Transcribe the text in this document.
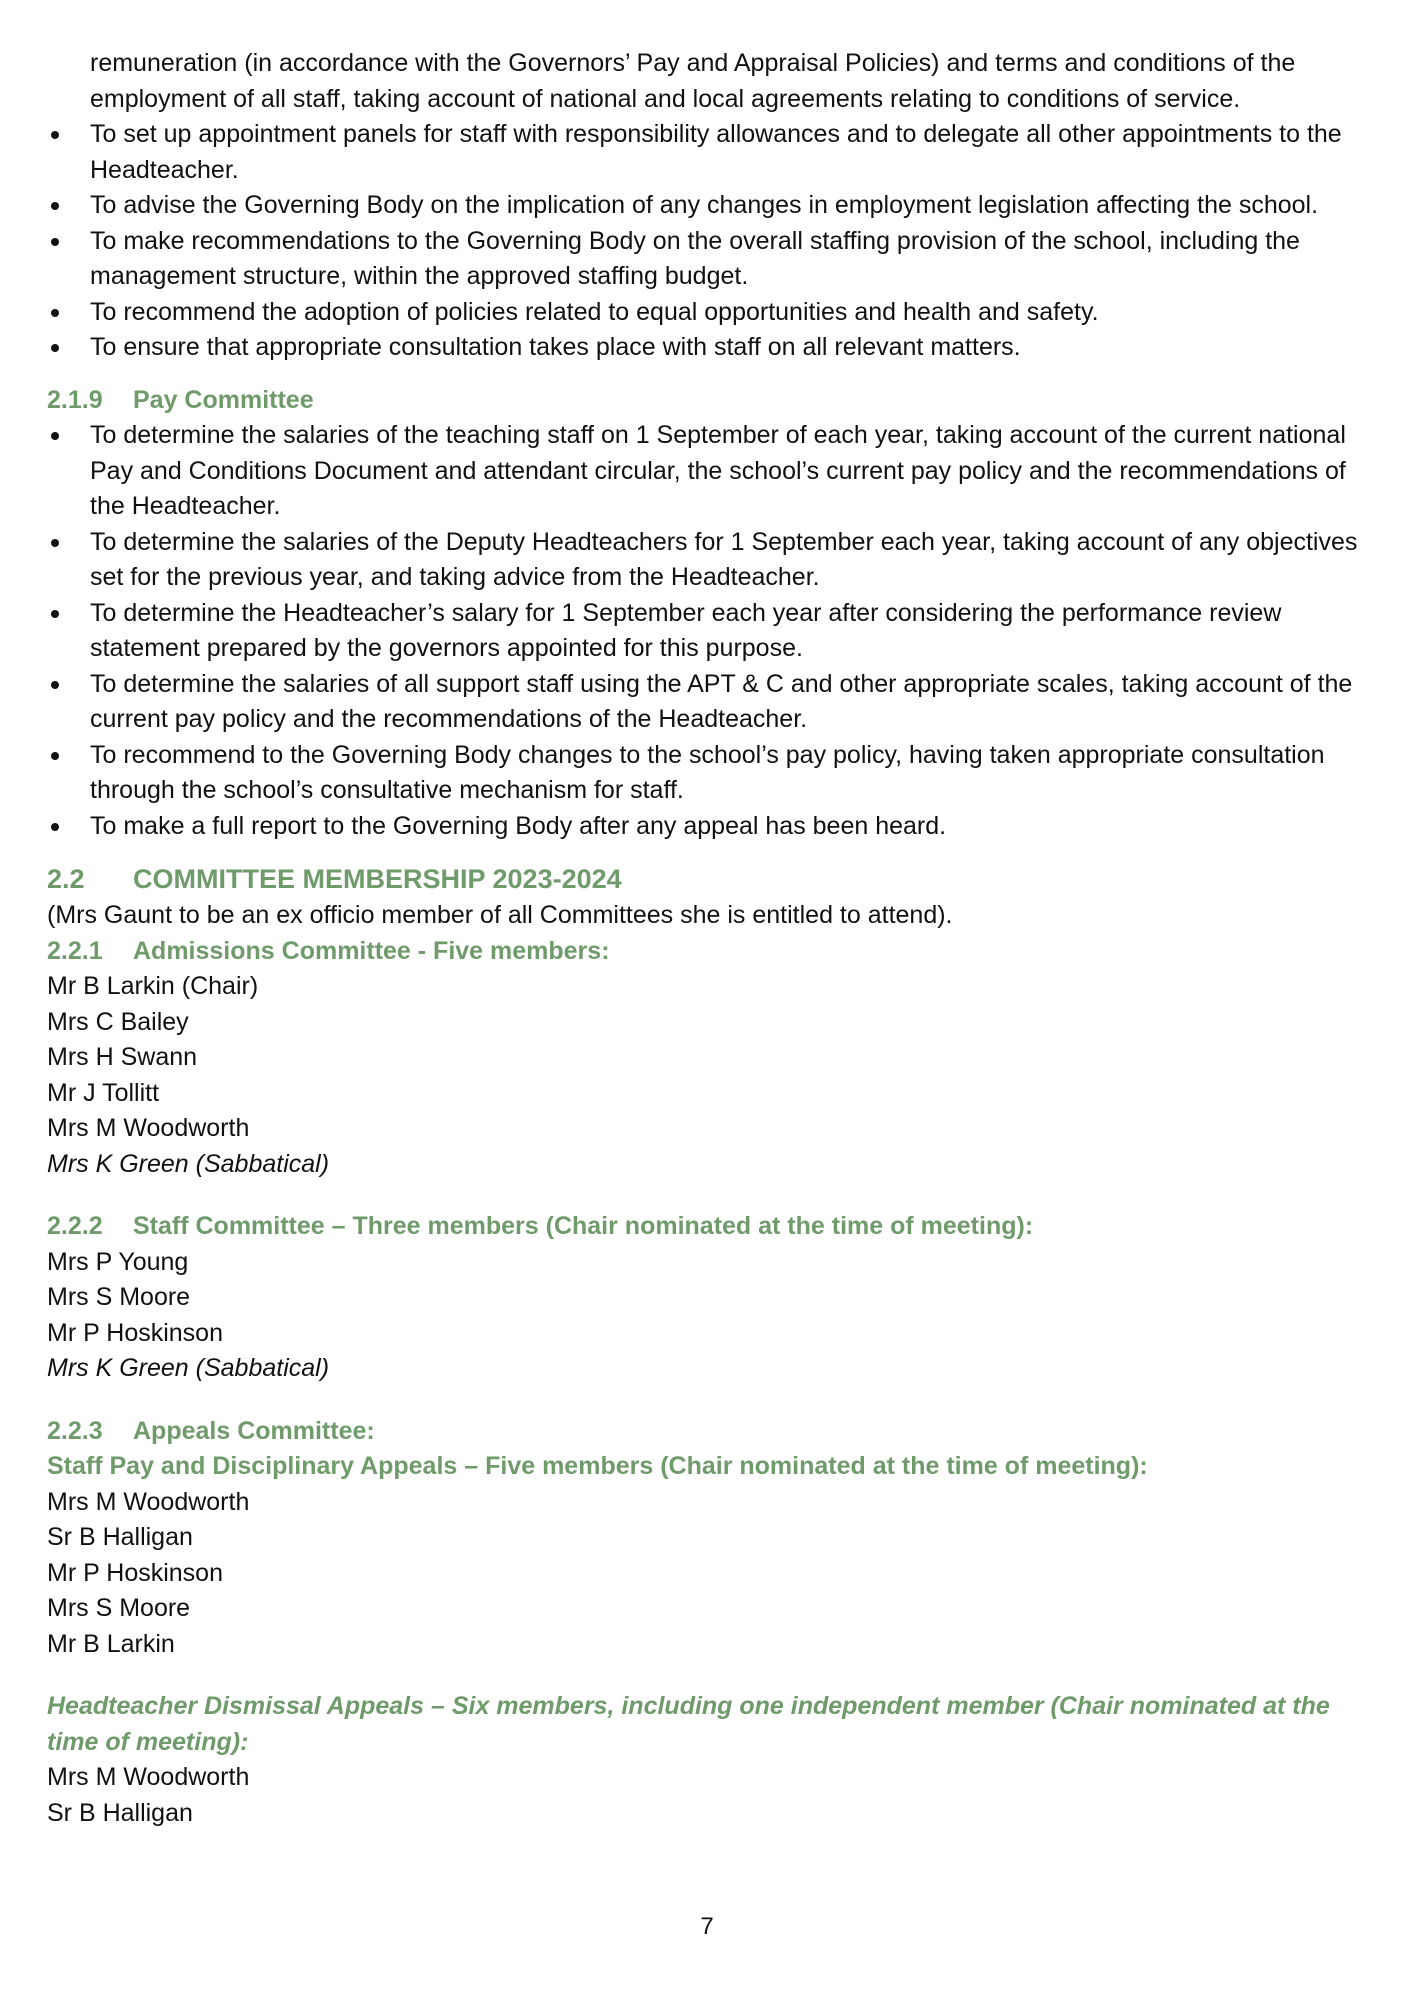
remuneration (in accordance with the Governors’ Pay and Appraisal Policies) and terms and conditions of the employment of all staff, taking account of national and local agreements relating to conditions of service.
To set up appointment panels for staff with responsibility allowances and to delegate all other appointments to the Headteacher.
To advise the Governing Body on the implication of any changes in employment legislation affecting the school.
To make recommendations to the Governing Body on the overall staffing provision of the school, including the management structure, within the approved staffing budget.
To recommend the adoption of policies related to equal opportunities and health and safety.
To ensure that appropriate consultation takes place with staff on all relevant matters.
2.1.9 Pay Committee
To determine the salaries of the teaching staff on 1 September of each year, taking account of the current national Pay and Conditions Document and attendant circular, the school’s current pay policy and the recommendations of the Headteacher.
To determine the salaries of the Deputy Headteachers for 1 September each year, taking account of any objectives set for the previous year, and taking advice from the Headteacher.
To determine the Headteacher’s salary for 1 September each year after considering the performance review statement prepared by the governors appointed for this purpose.
To determine the salaries of all support staff using the APT & C and other appropriate scales, taking account of the current pay policy and the recommendations of the Headteacher.
To recommend to the Governing Body changes to the school’s pay policy, having taken appropriate consultation through the school’s consultative mechanism for staff.
To make a full report to the Governing Body after any appeal has been heard.
2.2 COMMITTEE MEMBERSHIP 2023-2024
(Mrs Gaunt to be an ex officio member of all Committees she is entitled to attend).
2.2.1 Admissions Committee - Five members:
Mr B Larkin (Chair)
Mrs C Bailey
Mrs H Swann
Mr J Tollitt
Mrs M Woodworth
Mrs K Green (Sabbatical)
2.2.2 Staff Committee – Three members (Chair nominated at the time of meeting):
Mrs P Young
Mrs S Moore
Mr P Hoskinson
Mrs K Green (Sabbatical)
2.2.3 Appeals Committee:
Staff Pay and Disciplinary Appeals – Five members (Chair nominated at the time of meeting):
Mrs M Woodworth
Sr B Halligan
Mr P Hoskinson
Mrs S Moore
Mr B Larkin
Headteacher Dismissal Appeals – Six members, including one independent member (Chair nominated at the time of meeting):
Mrs M Woodworth
Sr B Halligan
7
